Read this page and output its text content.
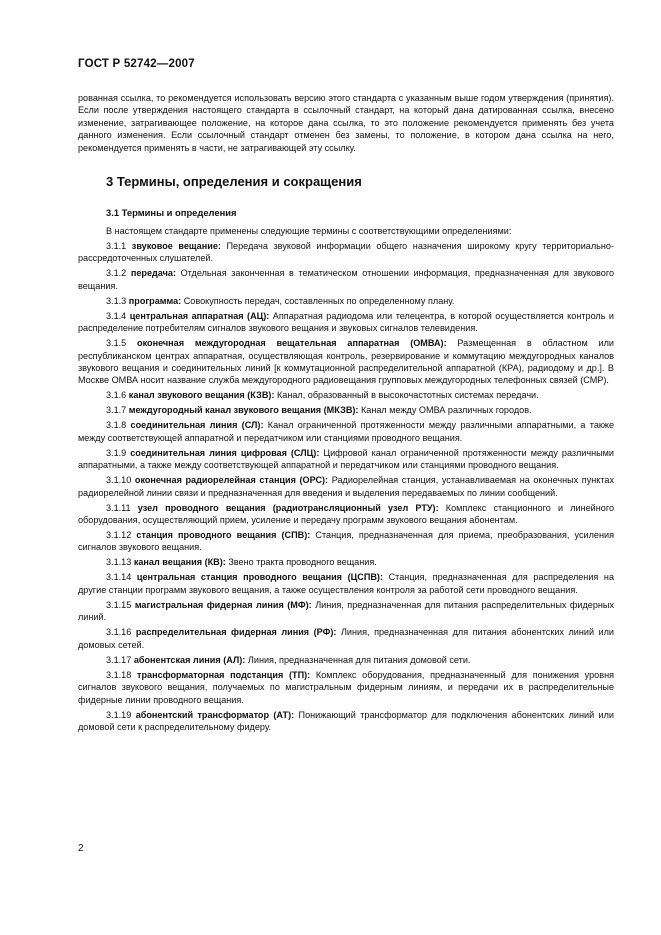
ГОСТ Р 52742—2007

рованная ссылка, то рекомендуется использовать версию этого стандарта с указанным выше годом утверждения (принятия). Если после утверждения настоящего стандарта в ссылочный стандарт, на который дана датированная ссылка, внесено изменение, затрагивающее положение, на которое дана ссылка, то это положение рекомендуется применять без учета данного изменения. Если ссылочный стандарт отменен без замены, то положение, в котором дана ссылка на него, рекомендуется применять в части, не затрагивающей эту ссылку.

3 Термины, определения и сокращения
3.1 Термины и определения

В настоящем стандарте применены следующие термины с соответствующими определениями:

3.1.1 звуковое вещание: Передача звуковой информации общего назначения широкому кругу территориально-рассредоточенных слушателей.

3.1.2 передача: Отдельная законченная в тематическом отношении информация, предназначенная для звукового вещания.

3.1.3 программа: Совокупность передач, составленных по определенному плану.

3.1.4 центральная аппаратная (АЦ): Аппаратная радиодома или телецентра, в которой осуществляется контроль и распределение потребителям сигналов звукового вещания и звуковых сигналов телевидения.

3.1.5 оконечная междугородная вещательная аппаратная (ОМВА): Размещенная в областном или республиканском центрах аппаратная, осуществляющая контроль, резервирование и коммутацию междугородных каналов звукового вещания и соединительных линий [к коммутационной распределительной аппаратной (КРА), радиодому и др.]. В Москве ОМВА носит название служба междугородного радиовещания групповых междугородных телефонных связей (СМР).

3.1.6 канал звукового вещания (КЗВ): Канал, образованный в высокочастотных системах передачи.

3.1.7 междугородный канал звукового вещания (МКЗВ): Канал между ОМВА различных городов.

3.1.8 соединительная линия (СЛ): Канал ограниченной протяженности между различными аппаратными, а также между соответствующей аппаратной и передатчиком или станциями проводного вещания.

3.1.9 соединительная линия цифровая (СЛЦ): Цифровой канал ограниченной протяженности между различными аппаратными, а также между соответствующей аппаратной и передатчиком или станциями проводного вещания.

3.1.10 оконечная радиорелейная станция (ОРС): Радиорелейная станция, устанавливаемая на оконечных пунктах радиорелейной линии связи и предназначенная для введения и выделения передаваемых по линии сообщений.

3.1.11 узел проводного вещания (радиотрансляционный узел РТУ): Комплекс станционного и линейного оборудования, осуществляющий прием, усиление и передачу программ звукового вещания абонентам.

3.1.12 станция проводного вещания (СПВ): Станция, предназначенная для приема, преобразования, усиления сигналов звукового вещания.

3.1.13 канал вещания (КВ): Звено тракта проводного вещания.

3.1.14 центральная станция проводного вещания (ЦСПВ): Станция, предназначенная для распределения на другие станции программ звукового вещания, а также осуществления контроля за работой сети проводного вещания.

3.1.15 магистральная фидерная линия (МФ): Линия, предназначенная для питания распределительных фидерных линий.

3.1.16 распределительная фидерная линия (РФ): Линия, предназначенная для питания абонентских линий или домовых сетей.

3.1.17 абонентская линия (АЛ): Линия, предназначенная для питания домовой сети.

3.1.18 трансформаторная подстанция (ТП): Комплекс оборудования, предназначенный для понижения уровня сигналов звукового вещания, получаемых по магистральным фидерным линиям, и передачи их в распределительные фидерные линии проводного вещания.

3.1.19 абонентский трансформатор (АТ): Понижающий трансформатор для подключения абонентских линий или домовой сети к распределительному фидеру.

2
